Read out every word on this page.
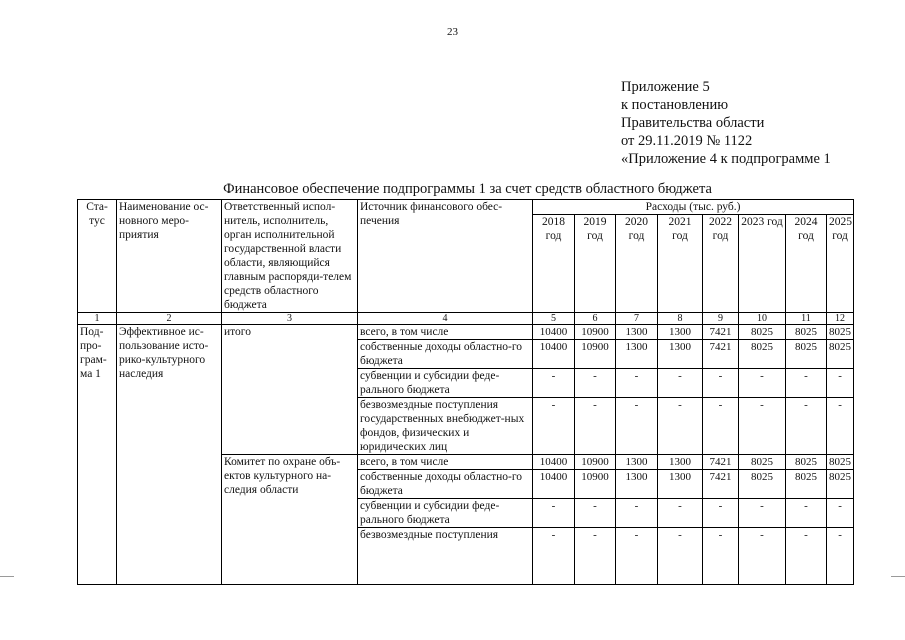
23
Приложение 5
к постановлению
Правительства области
от 29.11.2019 № 1122
«Приложение 4 к подпрограмме 1
Финансовое обеспечение подпрограммы 1 за счет средств областного бюджета
Ста-тус	Наименование ос-новного меро-приятия	Ответственный испол-нитель, исполнитель, орган исполнительной государственной власти области, являющийся главным распоряди-телем средств областного бюджета	Источник финансового обес-печения	Расходы (тыс. руб.)							
				2018 год	2019 год	2020 год	2021 год	2022 год	2023 год	2024 год	2025 год
1	2	3	4	5	6	7	8	9	10	11	12
Под-про-грам-ма 1	Эффективное ис-пользование исто-рико-культурного наследия	итого	всего, в том числе	10400	10900	1300	1300	7421	8025	8025	8025
			собственные доходы областно-го бюджета	10400	10900	1300	1300	7421	8025	8025	8025
			субвенции и субсидии феде-рального бюджета	-	-	-	-	-	-	-	-
			безвозмездные поступления государственных внебюджет-ных фондов, физических и юридических лиц	-	-	-	-	-	-	-	-
		Комитет по охране объ-ектов культурного на-следия области	всего, в том числе	10400	10900	1300	1300	7421	8025	8025	8025
			собственные доходы областно-го бюджета	10400	10900	1300	1300	7421	8025	8025	8025
			субвенции и субсидии феде-рального бюджета	-	-	-	-	-	-	-	-
			безвозмездные поступления	-	-	-	-	-	-	-	-
